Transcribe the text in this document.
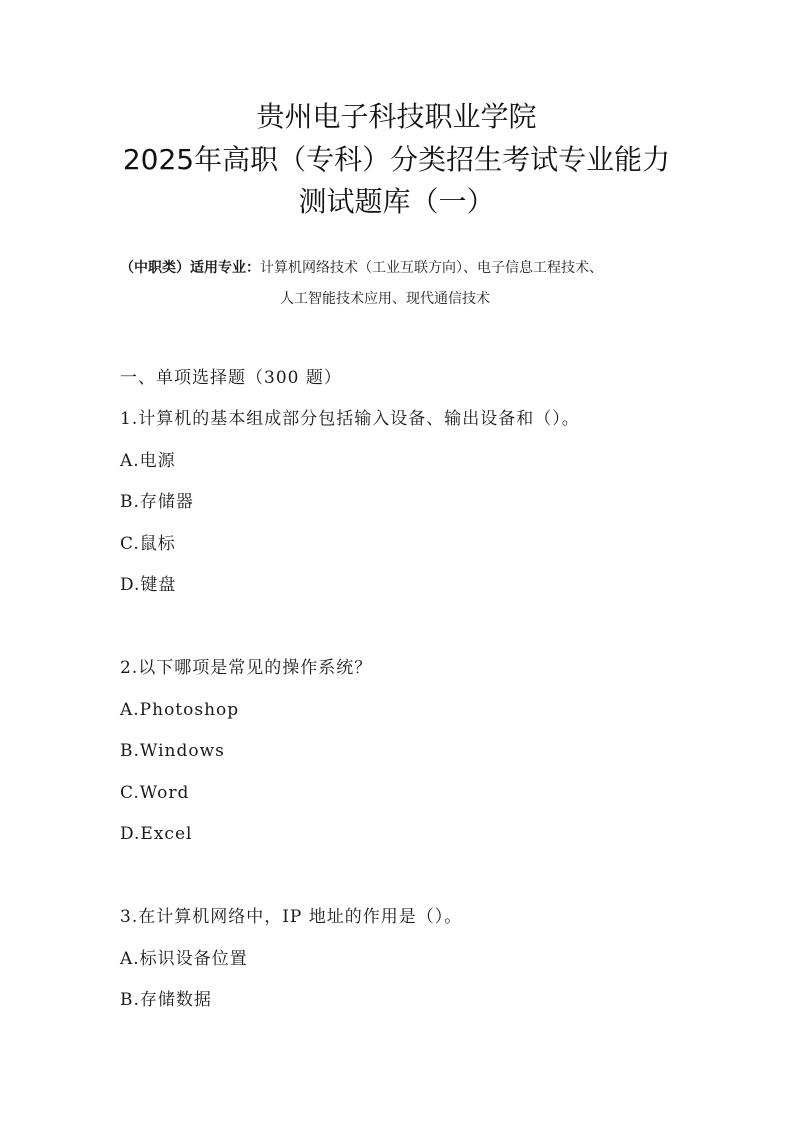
贵州电子科技职业学院
2025年高职（专科）分类招生考试专业能力
测试题库（一）
（中职类）适用专业：计算机网络技术（工业互联方向）、电子信息工程技术、
人工智能技术应用、现代通信技术
一、单项选择题（300 题）
1.计算机的基本组成部分包括输入设备、输出设备和（）。
A.电源
B.存储器
C.鼠标
D.键盘
2.以下哪项是常见的操作系统？
A.Photoshop
B.Windows
C.Word
D.Excel
3.在计算机网络中，IP 地址的作用是（）。
A.标识设备位置
B.存储数据
